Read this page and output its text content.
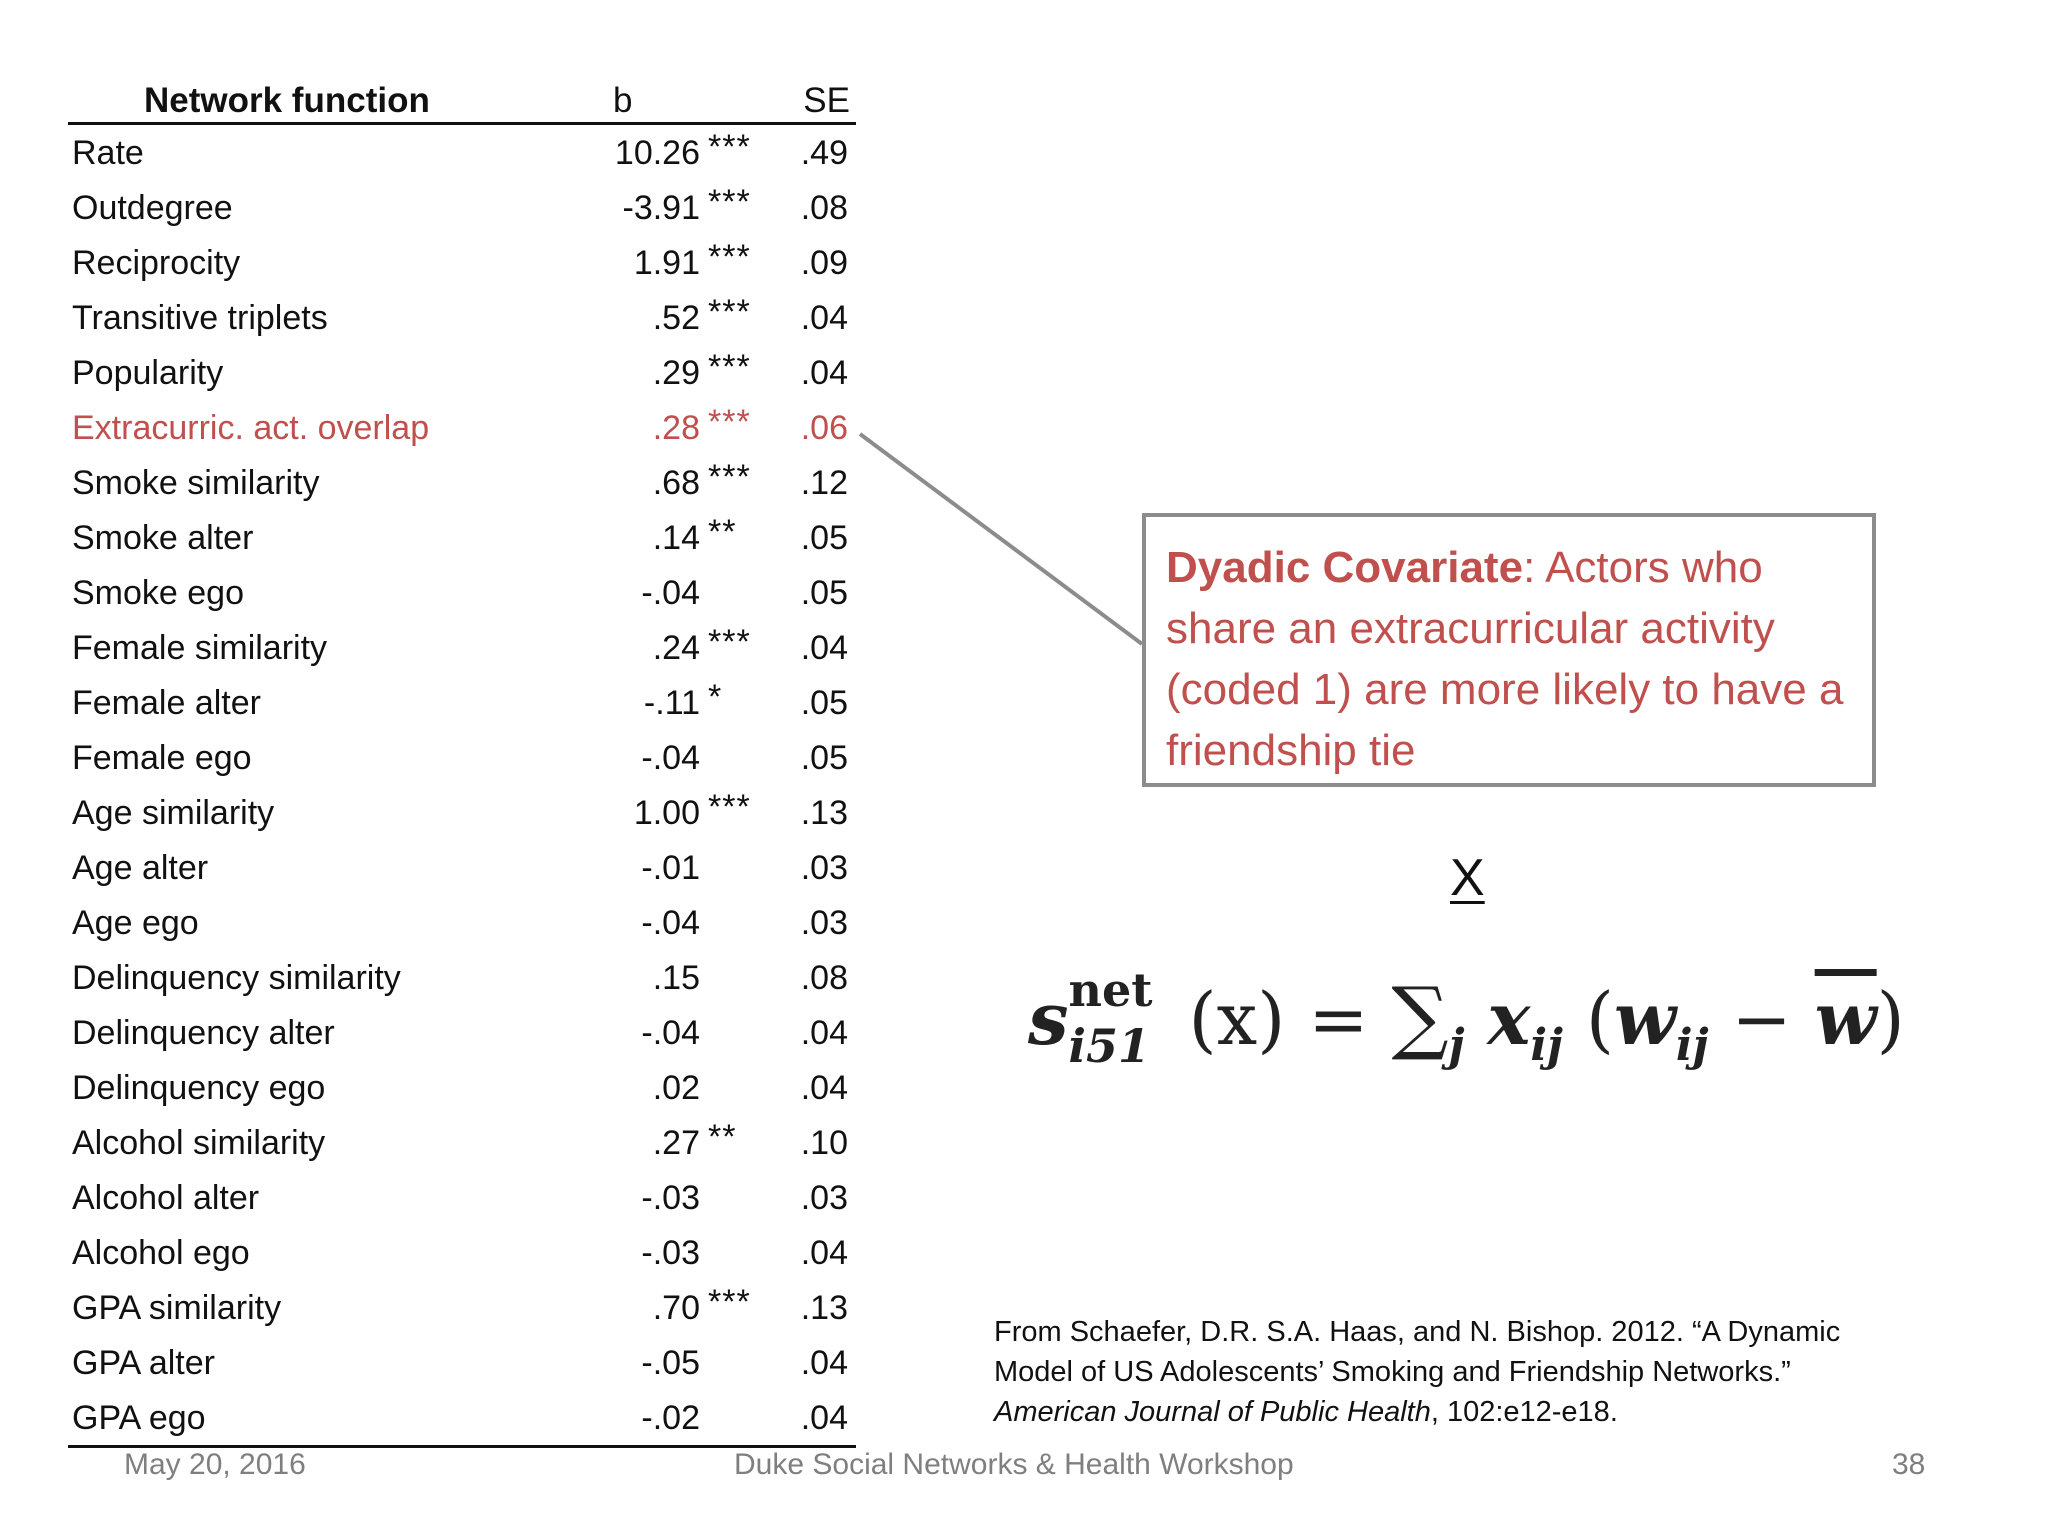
Network function	b	SE
Rate	10.26 *** .49
Outdegree	-3.91 *** .08
Reciprocity	1.91 *** .09
Transitive triplets	.52 *** .04
Popularity	.29 *** .04
Extracurric. act. overlap	.28 *** .06
Smoke similarity	.68 *** .12
Smoke alter	.14 ** .05
Smoke ego	-.04	.05
Female similarity	.24 *** .04
Female alter	-.11 * .05
Female ego	-.04	.05
Age similarity	1.00 *** .13
Age alter	-.01	.03
Age ego	-.04	.03
Delinquency similarity	.15	.08
Delinquency alter	-.04	.04
Delinquency ego	.02	.04
Alcohol similarity	.27 ** .10
Alcohol alter	-.03	.03
Alcohol ego	-.03	.04
GPA similarity	.70 *** .13
GPA alter	-.05	.04
GPA ego	-.02	.04
Dyadic Covariate: Actors who share an extracurricular activity (coded 1) are more likely to have a friendship tie
X
s net
i51 $(x) = \sum_j$ $x_{ij}$ $(w_{ij} - \overline{w})$
From Schaefer, D.R. S.A. Haas, and N. Bishop. 2012. “A Dynamic Model of US Adolescents’ Smoking and Friendship Networks.” American Journal of Public Health, 102:e12-e18.
May 20, 2016	Duke Social Networks & Health Workshop	38
